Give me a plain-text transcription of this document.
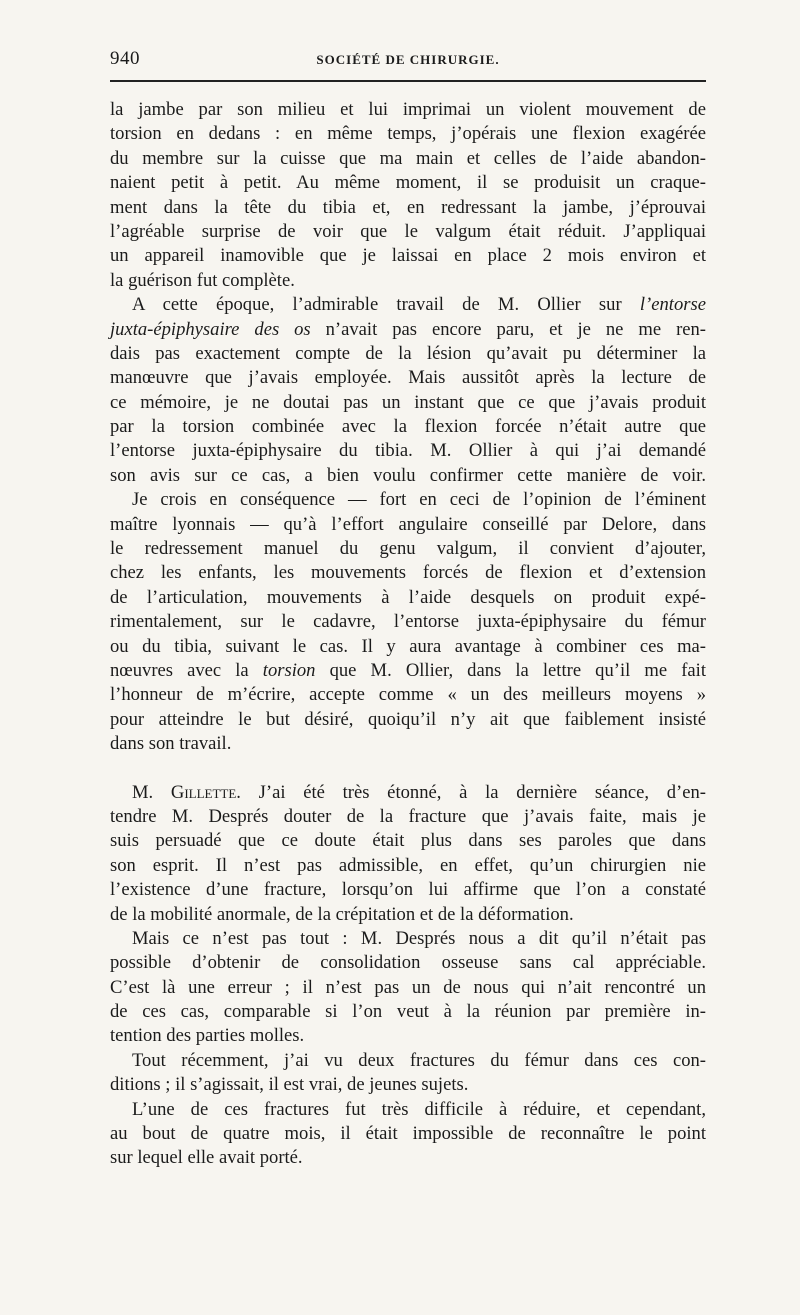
940	SOCIÉTÉ DE CHIRURGIE.
la jambe par son milieu et lui imprimai un violent mouvement de
torsion en dedans : en même temps, j’opérais une flexion exagérée
du membre sur la cuisse que ma main et celles de l’aide abandon-
naient petit à petit. Au même moment, il se produisit un craque-
ment dans la tête du tibia et, en redressant la jambe, j’éprouvai
l’agréable surprise de voir que le valgum était réduit. J’appliquai
un appareil inamovible que je laissai en place 2 mois environ et
la guérison fut complète.
A cette époque, l’admirable travail de M. Ollier sur l’entorse
juxta-épiphysaire des os n’avait pas encore paru, et je ne me ren-
dais pas exactement compte de la lésion qu’avait pu déterminer la
manœuvre que j’avais employée. Mais aussitôt après la lecture de
ce mémoire, je ne doutai pas un instant que ce que j’avais produit
par la torsion combinée avec la flexion forcée n’était autre que
l’entorse juxta-épiphysaire du tibia. M. Ollier à qui j’ai demandé
son avis sur ce cas, a bien voulu confirmer cette manière de voir.
Je crois en conséquence — fort en ceci de l’opinion de l’éminent
maître lyonnais — qu’à l’effort angulaire conseillé par Delore, dans
le redressement manuel du genu valgum, il convient d’ajouter,
chez les enfants, les mouvements forcés de flexion et d’extension
de l’articulation, mouvements à l’aide desquels on produit expé-
rimentalement, sur le cadavre, l’entorse juxta-épiphysaire du fémur
ou du tibia, suivant le cas. Il y aura avantage à combiner ces ma-
nœuvres avec la torsion que M. Ollier, dans la lettre qu’il me fait
l’honneur de m’écrire, accepte comme « un des meilleurs moyens »
pour atteindre le but désiré, quoiqu’il n’y ait que faiblement insisté
dans son travail.
M. Gillette. J’ai été très étonné, à la dernière séance, d’en-
tendre M. Després douter de la fracture que j’avais faite, mais je
suis persuadé que ce doute était plus dans ses paroles que dans
son esprit. Il n’est pas admissible, en effet, qu’un chirurgien nie
l’existence d’une fracture, lorsqu’on lui affirme que l’on a constaté
de la mobilité anormale, de la crépitation et de la déformation.
Mais ce n’est pas tout : M. Després nous a dit qu’il n’était pas
possible d’obtenir de consolidation osseuse sans cal appréciable.
C’est là une erreur ; il n’est pas un de nous qui n’ait rencontré un
de ces cas, comparable si l’on veut à la réunion par première in-
tention des parties molles.
Tout récemment, j’ai vu deux fractures du fémur dans ces con-
ditions ; il s’agissait, il est vrai, de jeunes sujets.
L’une de ces fractures fut très difficile à réduire, et cependant,
au bout de quatre mois, il était impossible de reconnaître le point
sur lequel elle avait porté.
